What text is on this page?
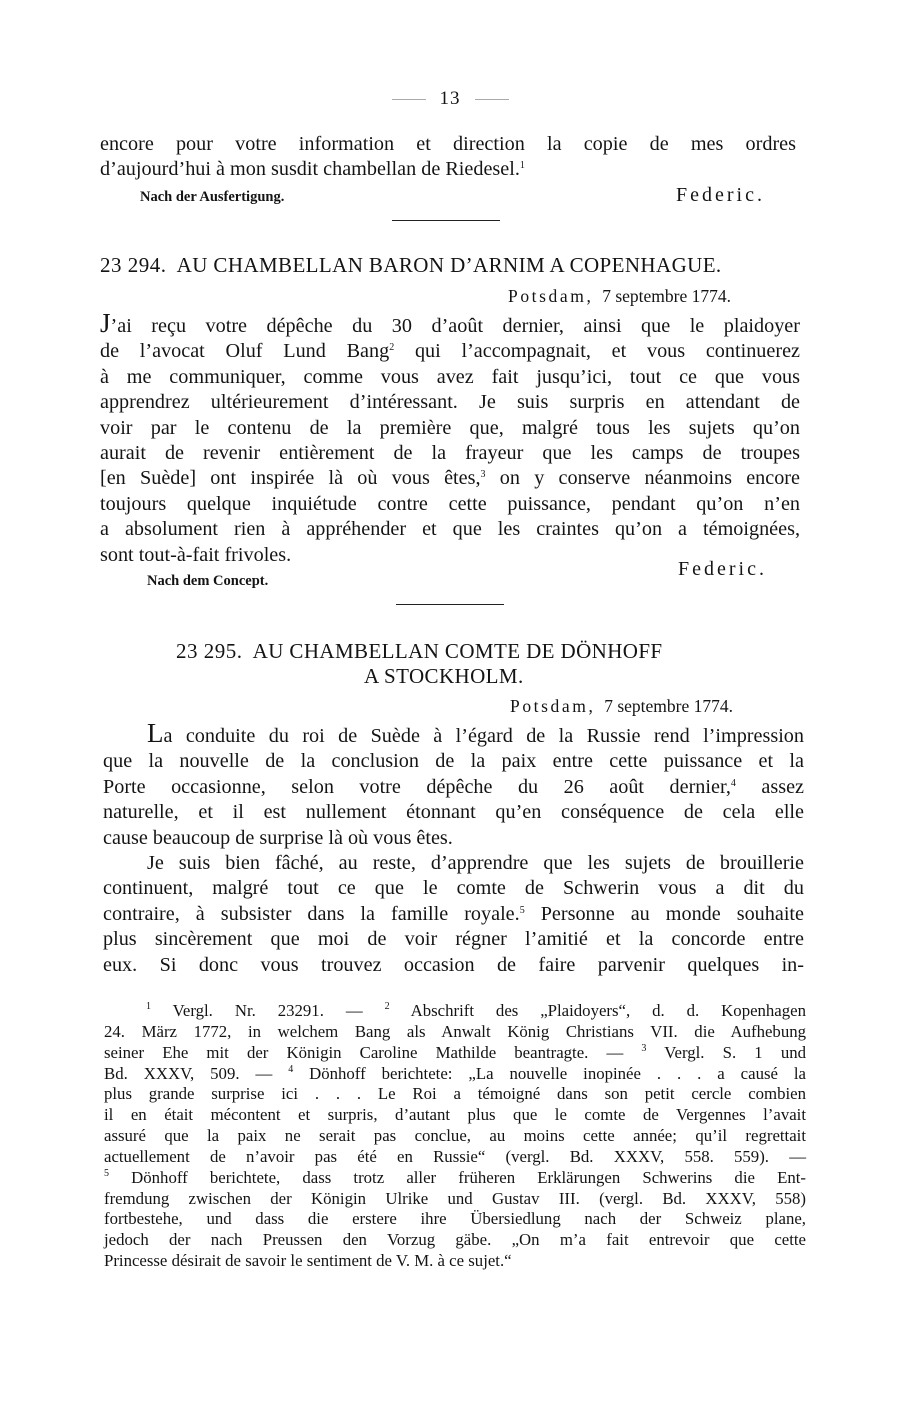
13
encore pour votre information et direction la copie de mes ordres
d’aujourd’hui à mon susdit chambellan de Riedesel.$^1$
Nach der Ausfertigung.	Federic.
23 294. AU CHAMBELLAN BARON D’ARNIM A COPENHAGUE.
Potsdam, 7 septembre 1774.
J’ai reçu votre dépêche du 30 d’août dernier, ainsi que le plaidoyer
de l’avocat Oluf Lund Bang$^2$ qui l’accompagnait, et vous continuerez
à me communiquer, comme vous avez fait jusqu’ici, tout ce que vous
apprendrez ultérieurement d’intéressant. Je suis surpris en attendant de
voir par le contenu de la première que, malgré tous les sujets qu’on
aurait de revenir entièrement de la frayeur que les camps de troupes
[en Suède] ont inspirée là où vous êtes,$^3$ on y conserve néanmoins encore
toujours quelque inquiétude contre cette puissance, pendant qu’on n’en
a absolument rien à appréhender et que les craintes qu’on a témoignées,
sont tout-à-fait frivoles.
Nach dem Concept.
Federic.
23 295. AU CHAMBELLAN COMTE DE DÖNHOFF
A STOCKHOLM.
Potsdam, 7 septembre 1774.
La conduite du roi de Suède à l’égard de la Russie rend l’impression
que la nouvelle de la conclusion de la paix entre cette puissance et la
Porte occasionne, selon votre dépêche du 26 août dernier,$^4$ assez
naturelle, et il est nullement étonnant qu’en conséquence de cela elle
cause beaucoup de surprise là où vous êtes.
Je suis bien fâché, au reste, d’apprendre que les sujets de brouillerie
continuent, malgré tout ce que le comte de Schwerin vous a dit du
contraire, à subsister dans la famille royale.$^5$ Personne au monde souhaite
plus sincèrement que moi de voir régner l’amitié et la concorde entre
eux. Si donc vous trouvez occasion de faire parvenir quelques in-
$^1$ Vergl. Nr. 23291. — $^2$ Abschrift des „Plaidoyers“, d. d. Kopenhagen
24. März 1772, in welchem Bang als Anwalt König Christians VII. die Aufhebung
seiner Ehe mit der Königin Caroline Mathilde beantragte. — $^3$ Vergl. S. 1 und
Bd. XXXV, 509. — $^4$ Dönhoff berichtete: „La nouvelle inopinée . . . a causé la
plus grande surprise ici . . . Le Roi a témoigné dans son petit cercle combien
il en était mécontent et surpris, d’autant plus que le comte de Vergennes l’avait
assuré que la paix ne serait pas conclue, au moins cette année; qu’il regrettait
actuellement de n’avoir pas été en Russie“ (vergl. Bd. XXXV, 558. 559). —
$^5$ Dönhoff berichtete, dass trotz aller früheren Erklärungen Schwerins die Ent-
fremdung zwischen der Königin Ulrike und Gustav III. (vergl. Bd. XXXV, 558)
fortbestehe, und dass die erstere ihre Übersiedlung nach der Schweiz plane,
jedoch der nach Preussen den Vorzug gäbe. „On m’a fait entrevoir que cette
Princesse désirait de savoir le sentiment de V. M. à ce sujet.“
